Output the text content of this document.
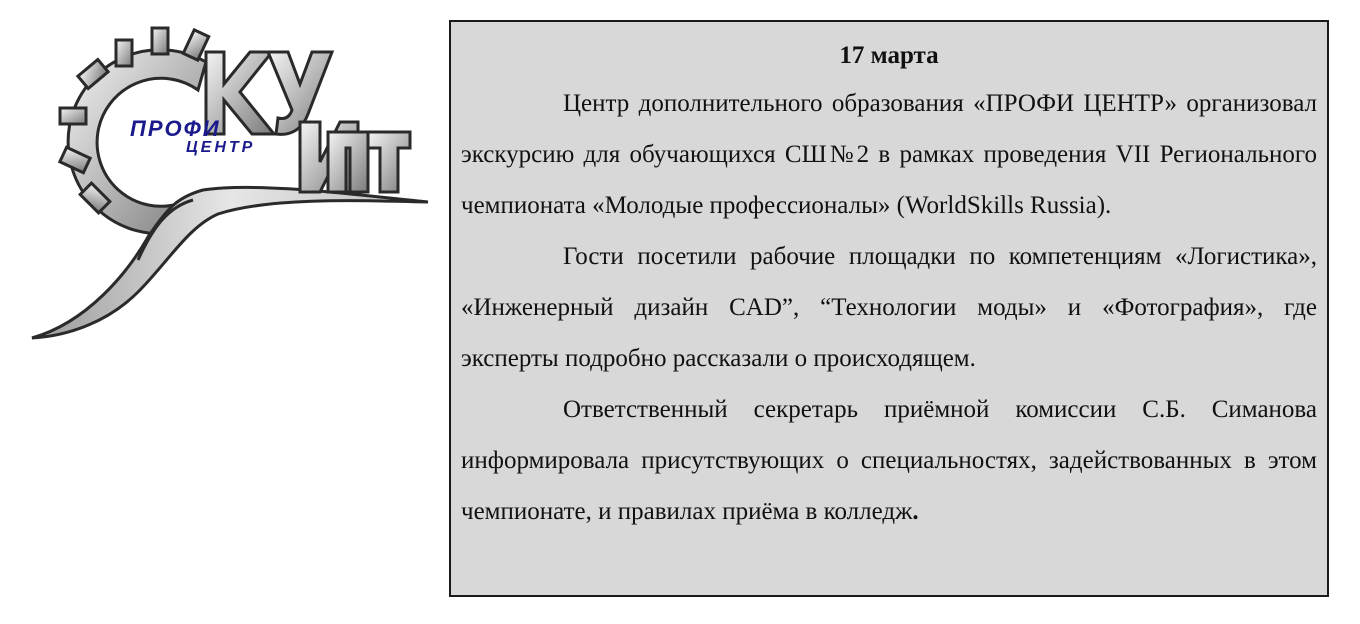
ПРОФИ
ЦЕНТР

17 марта

Центр дополнительного образования «ПРОФИ ЦЕНТР» организовал экскурсию для обучающихся СШ№2 в рамках проведения VII Регионального чемпионата «Молодые профессионалы» (WorldSkills Russia).

Гости посетили рабочие площадки по компетенциям «Логистика», «Инженерный дизайн CAD”, “Технологии моды» и «Фотография», где эксперты подробно рассказали о происходящем.

Ответственный секретарь приёмной комиссии С.Б. Симанова информировала присутствующих о специальностях, задействованных в этом чемпионате, и правилах приёма в колледж.
